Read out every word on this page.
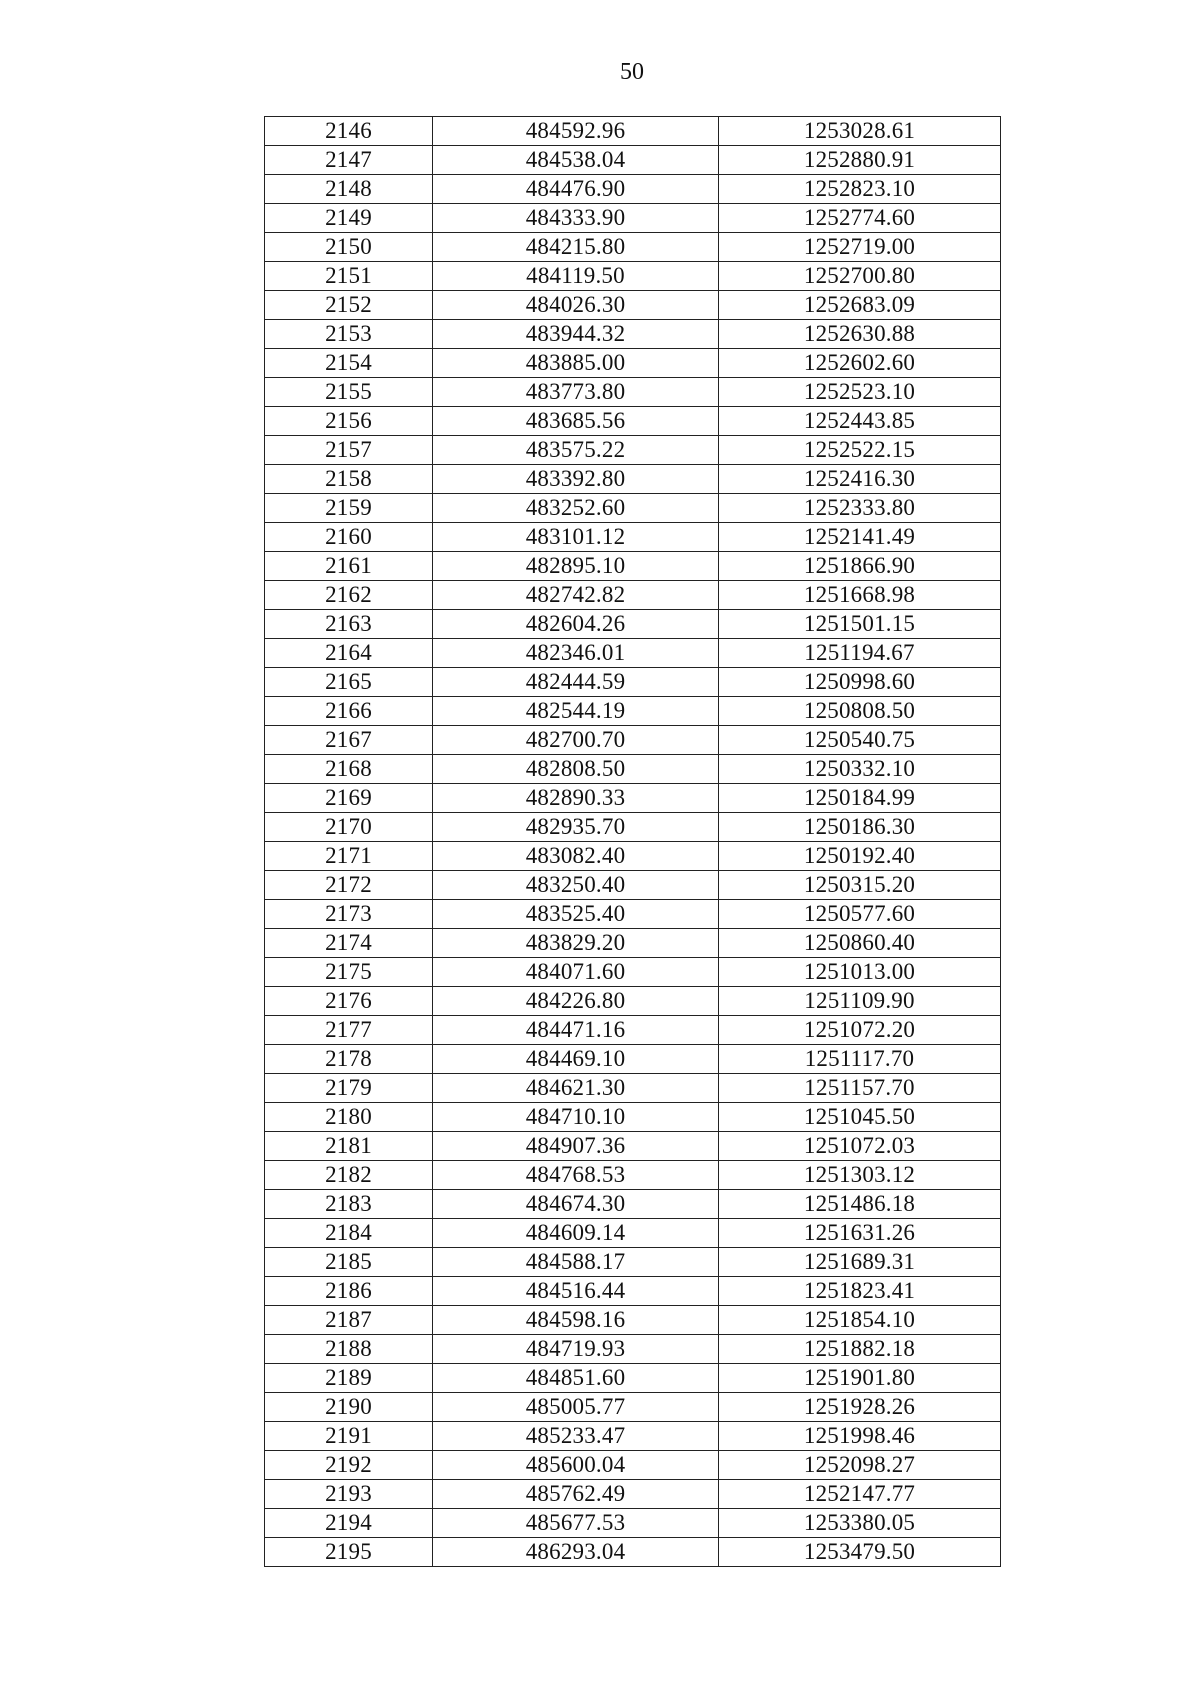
50
2146	484592.96	1253028.61
2147	484538.04	1252880.91
2148	484476.90	1252823.10
2149	484333.90	1252774.60
2150	484215.80	1252719.00
2151	484119.50	1252700.80
2152	484026.30	1252683.09
2153	483944.32	1252630.88
2154	483885.00	1252602.60
2155	483773.80	1252523.10
2156	483685.56	1252443.85
2157	483575.22	1252522.15
2158	483392.80	1252416.30
2159	483252.60	1252333.80
2160	483101.12	1252141.49
2161	482895.10	1251866.90
2162	482742.82	1251668.98
2163	482604.26	1251501.15
2164	482346.01	1251194.67
2165	482444.59	1250998.60
2166	482544.19	1250808.50
2167	482700.70	1250540.75
2168	482808.50	1250332.10
2169	482890.33	1250184.99
2170	482935.70	1250186.30
2171	483082.40	1250192.40
2172	483250.40	1250315.20
2173	483525.40	1250577.60
2174	483829.20	1250860.40
2175	484071.60	1251013.00
2176	484226.80	1251109.90
2177	484471.16	1251072.20
2178	484469.10	1251117.70
2179	484621.30	1251157.70
2180	484710.10	1251045.50
2181	484907.36	1251072.03
2182	484768.53	1251303.12
2183	484674.30	1251486.18
2184	484609.14	1251631.26
2185	484588.17	1251689.31
2186	484516.44	1251823.41
2187	484598.16	1251854.10
2188	484719.93	1251882.18
2189	484851.60	1251901.80
2190	485005.77	1251928.26
2191	485233.47	1251998.46
2192	485600.04	1252098.27
2193	485762.49	1252147.77
2194	485677.53	1253380.05
2195	486293.04	1253479.50
